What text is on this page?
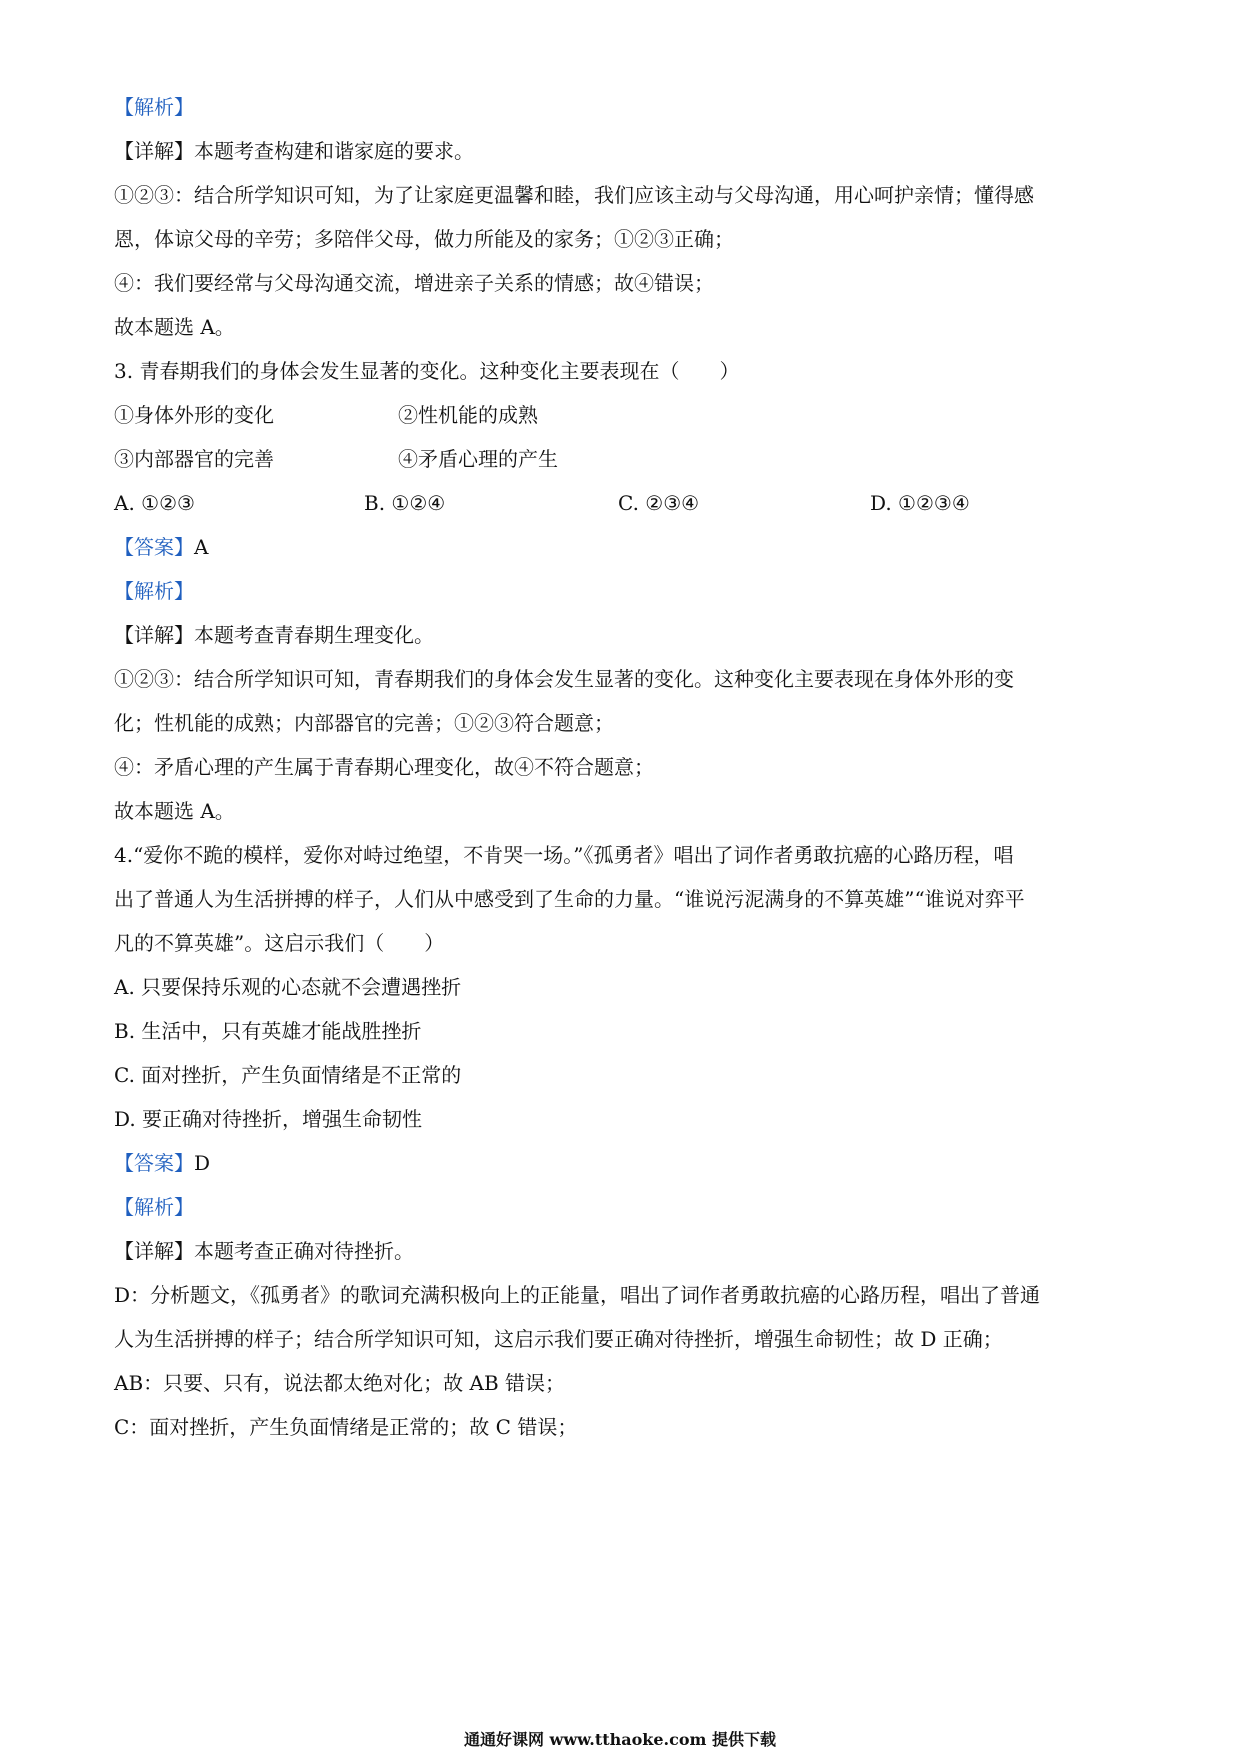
【解析】
【详解】本题考查构建和谐家庭的要求。
①②③：结合所学知识可知，为了让家庭更温馨和睦，我们应该主动与父母沟通，用心呵护亲情；懂得感
恩，体谅父母的辛劳；多陪伴父母，做力所能及的家务；①②③正确；
④：我们要经常与父母沟通交流，增进亲子关系的情感；故④错误；
故本题选 A。
3. 青春期我们的身体会发生显著的变化。这种变化主要表现在（　　）
①身体外形的变化	②性机能的成熟
③内部器官的完善	④矛盾心理的产生
A. ①②③	B. ①②④	C. ②③④	D. ①②③④
【答案】A
【解析】
【详解】本题考查青春期生理变化。
①②③：结合所学知识可知，青春期我们的身体会发生显著的变化。这种变化主要表现在身体外形的变
化；性机能的成熟；内部器官的完善；①②③符合题意；
④：矛盾心理的产生属于青春期心理变化，故④不符合题意；
故本题选 A。
4.“爱你不跪的模样，爱你对峙过绝望，不肯哭一场。”《孤勇者》唱出了词作者勇敢抗癌的心路历程，唱
出了普通人为生活拼搏的样子，人们从中感受到了生命的力量。“谁说污泥满身的不算英雄”“谁说对弈平
凡的不算英雄”。这启示我们（　　）
A. 只要保持乐观的心态就不会遭遇挫折
B. 生活中，只有英雄才能战胜挫折
C. 面对挫折，产生负面情绪是不正常的
D. 要正确对待挫折，增强生命韧性
【答案】D
【解析】
【详解】本题考查正确对待挫折。
D：分析题文，《孤勇者》的歌词充满积极向上的正能量，唱出了词作者勇敢抗癌的心路历程，唱出了普通
人为生活拼搏的样子；结合所学知识可知，这启示我们要正确对待挫折，增强生命韧性；故 D 正确；
AB：只要、只有，说法都太绝对化；故 AB 错误；
C：面对挫折，产生负面情绪是正常的；故 C 错误；
通通好课网 www.tthaoke.com 提供下载
